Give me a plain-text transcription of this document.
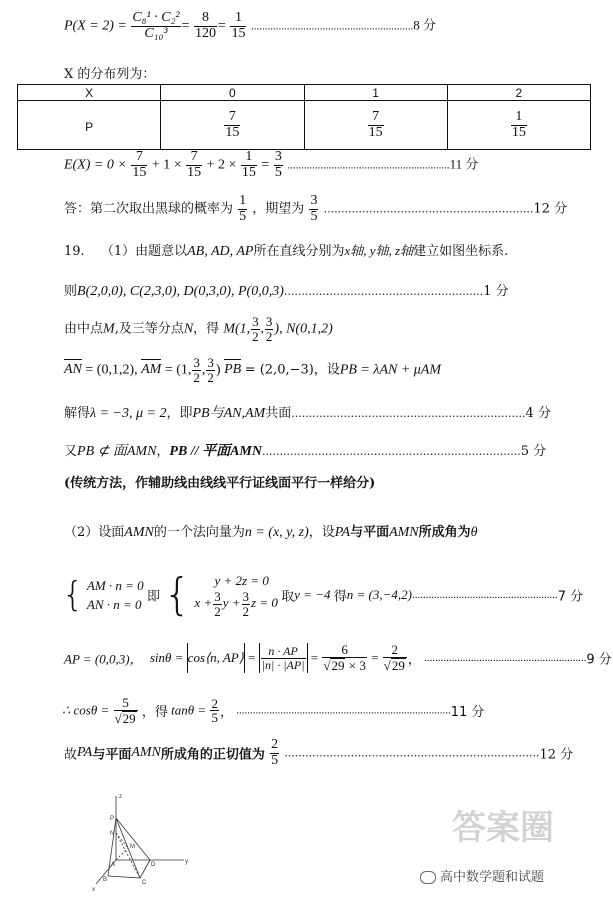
$P(X = 2) = \frac{\text{C₈¹ · C₂²}}{\text{C₁₀³}} = \frac{8}{120} = \frac{1}{15} ...........................................................8$ 分
X 的分布列为：
X	0	1	2
P	$\frac{7}{15}$	$\frac{7}{15}$	$\frac{1}{15}$
$E(X) = 0 \times \frac{7}{15} + 1 \times \frac{7}{15} + 2 \times \frac{1}{15} = \frac{3}{5} ...........................................................11$ 分
答：第二次取出黑球的概率为 $\frac{1}{5}$ ，期望为 $\frac{3}{5} ............................................................12$ 分
19. （1）由题意以AB, AD, AP所在直线分别为x轴, y轴, z轴建立如图坐标系.
则B(2,0,0), C(2,3,0), D(0,3,0), P(0,0,3).........................................................1 分
由中点M,及三等分点N，得 M(1, $\frac{3}{2}$ , $\frac{3}{2}$ ), N(0,1,2)
AN = (0,1,2), AM = (1, $\frac{3}{2}$ , $\frac{3}{2}$ ) PB = (2,0,−3)，设PB = λAN + μAM
解得λ = −3, μ = 2，即PB与AN,AM共面...................................................................4 分
又PB ⊄ 面AMN，PB // 平面AMN..........................................................................5 分
(传统方法，作辅助线由线线平行证线面平行一样给分)
（2）设面AMN的一个法向量为n = (x, y, z)，设PA与平面AMN所成角为θ
{ AM · n = 0
AN · n = 0 即 {	y + 2z = 0
$x + \frac{3}{2}$ $y + \frac{3}{2}$ z = 0 取y = −4 得n = (3,−4,2).....................................................7 分
AP = (0,0,3)， sinθ = cos⟨n, AP⟩ = $\frac{n \cdot AP}{|n| \cdot |AP|} = \frac{6}{√29 \times 3} = \frac{2}{√29}$ ， ...........................................................9 分
∴ $\cos\theta = \frac{5}{√29}$ ，得 $\tan\theta = \frac{2}{5}$ ， ..............................................................................11 分
故PA与平面AMN所成角的正切值为 $\frac{2}{5} .........................................................................12$ 分
z
P
N
M
A	D	y
B	C
x
答案圈
高中数学题和试题
